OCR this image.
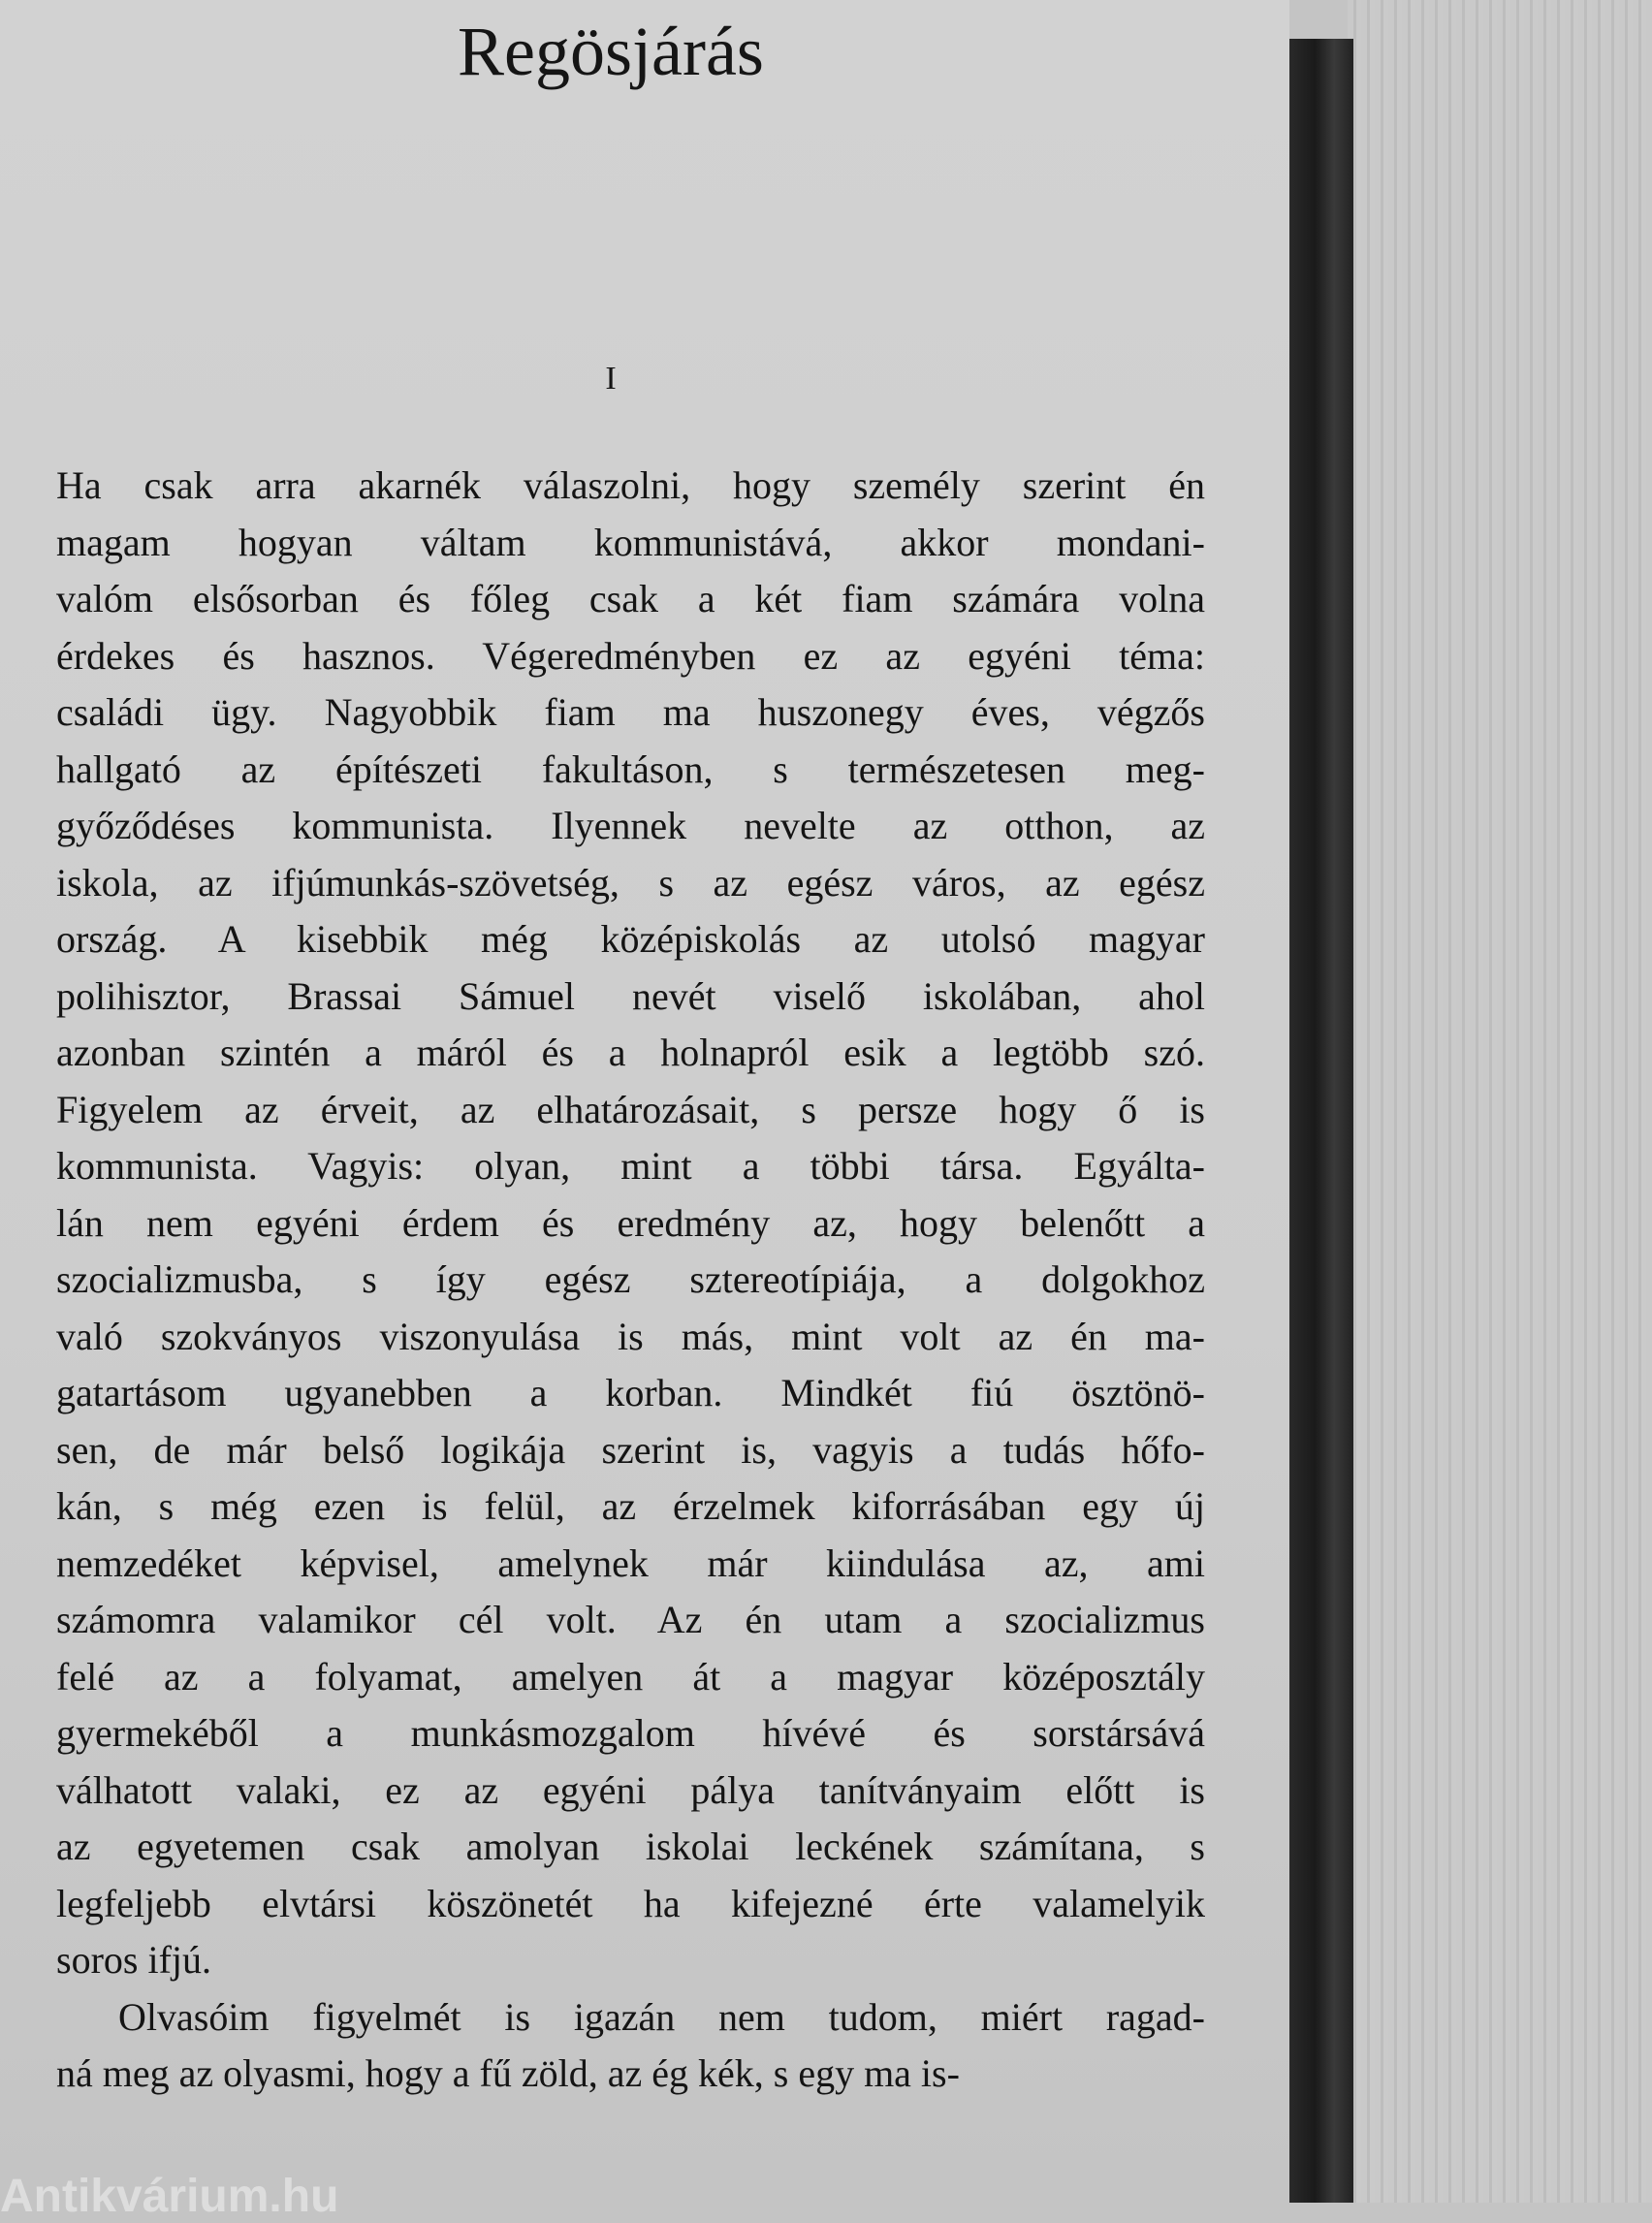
Regösjárás
I
Ha csak arra akarnék válaszolni, hogy személy szerint én
magam hogyan váltam kommunistává, akkor mondani-
valóm elsősorban és főleg csak a két fiam számára volna
érdekes és hasznos. Végeredményben ez az egyéni téma:
családi ügy. Nagyobbik fiam ma huszonegy éves, végzős
hallgató az építészeti fakultáson, s természetesen meg-
győződéses kommunista. Ilyennek nevelte az otthon, az
iskola, az ifjúmunkás-szövetség, s az egész város, az egész
ország. A kisebbik még középiskolás az utolsó magyar
polihisztor, Brassai Sámuel nevét viselő iskolában, ahol
azonban szintén a máról és a holnapról esik a legtöbb szó.
Figyelem az érveit, az elhatározásait, s persze hogy ő is
kommunista. Vagyis: olyan, mint a többi társa. Egyálta-
lán nem egyéni érdem és eredmény az, hogy belenőtt a
szocializmusba, s így egész sztereotípiája, a dolgokhoz
való szokványos viszonyulása is más, mint volt az én ma-
gatartásom ugyanebben a korban. Mindkét fiú ösztönö-
sen, de már belső logikája szerint is, vagyis a tudás hőfo-
kán, s még ezen is felül, az érzelmek kiforrásában egy új
nemzedéket képvisel, amelynek már kiindulása az, ami
számomra valamikor cél volt. Az én utam a szocializmus
felé az a folyamat, amelyen át a magyar középosztály
gyermekéből a munkásmozgalom hívévé és sorstársává
válhatott valaki, ez az egyéni pálya tanítványaim előtt is
az egyetemen csak amolyan iskolai leckének számítana, s
legfeljebb elvtársi köszönetét ha kifejezné érte valamelyik
soros ifjú.
Olvasóim figyelmét is igazán nem tudom, miért ragad-
ná meg az olyasmi, hogy a fű zöld, az ég kék, s egy ma is-
Antikvárium.hu
